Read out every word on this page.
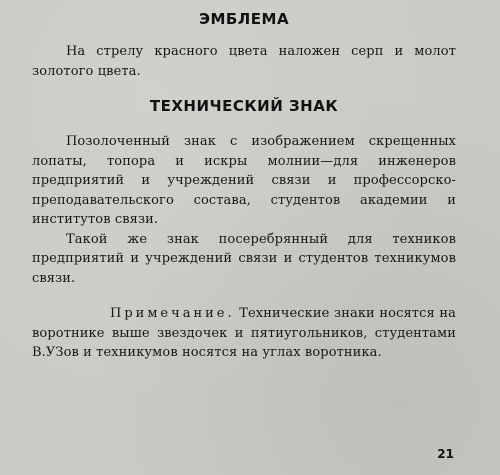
ЭМБЛЕМА

На стрелу красного цвета наложен серп и молот золотого цвета.

ТЕХНИЧЕСКИЙ ЗНАК

Позолоченный знак с изображением скрещенных лопаты, топора и искры молнии—для инженеров предприятий и учреждений связи и профессорско-преподавательского состава, студентов академии и институтов связи.

Такой же знак посеребрянный для техников предприятий и учреждений связи и студентов техникумов связи.

Примечание. Технические знаки носятся на воротнике выше звездочек и пятиугольников, студентами В.УЗов и техникумов носятся на углах воротника.

21
